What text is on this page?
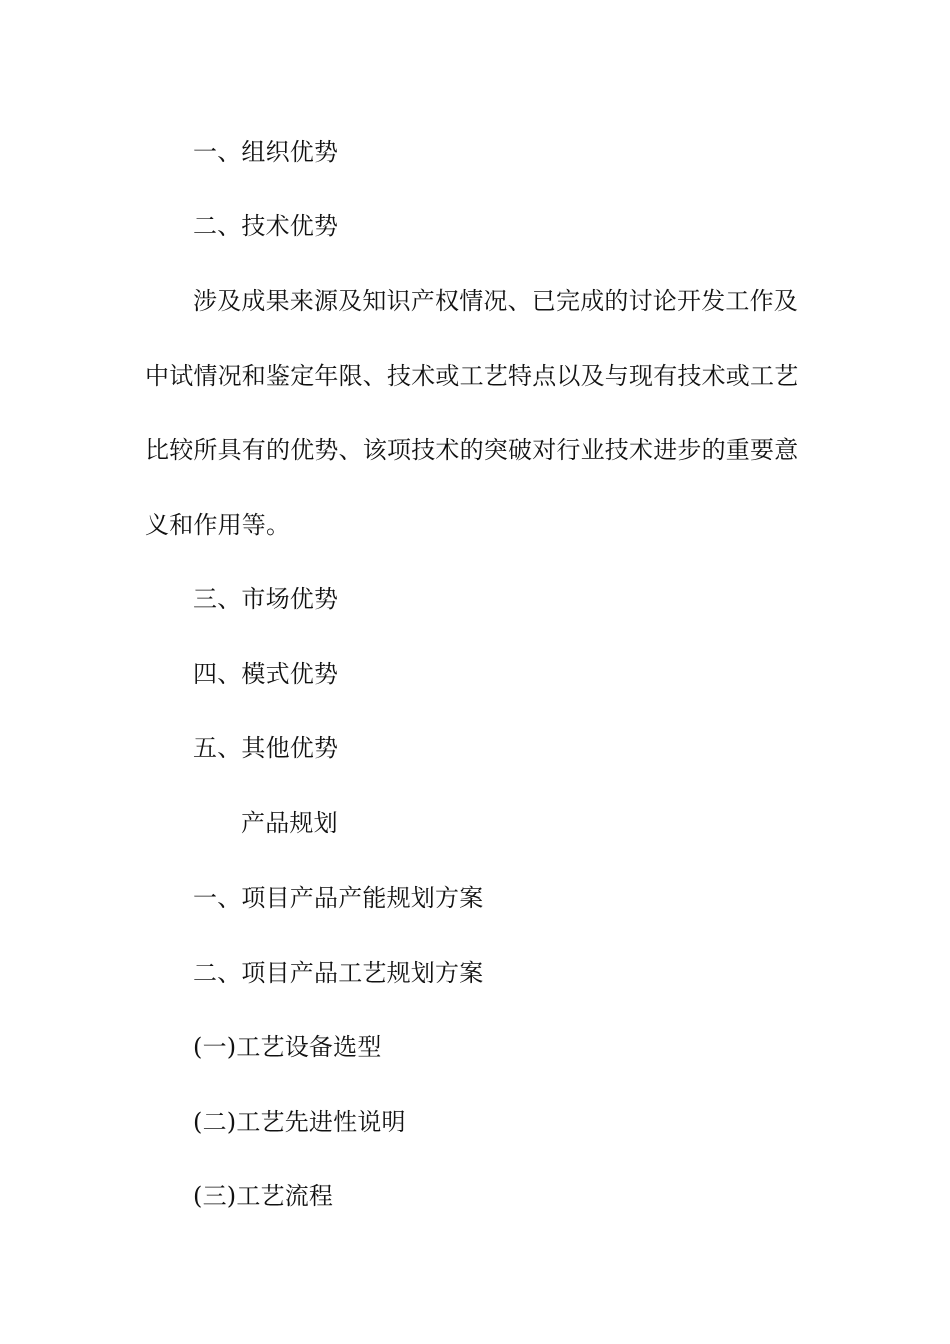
一、组织优势
二、技术优势
涉及成果来源及知识产权情况、已完成的讨论开发工作及
中试情况和鉴定年限、技术或工艺特点以及与现有技术或工艺
比较所具有的优势、该项技术的突破对行业技术进步的重要意
义和作用等。
三、市场优势
四、模式优势
五、其他优势
产品规划
一、项目产品产能规划方案
二、项目产品工艺规划方案
(一)工艺设备选型
(二)工艺先进性说明
(三)工艺流程
